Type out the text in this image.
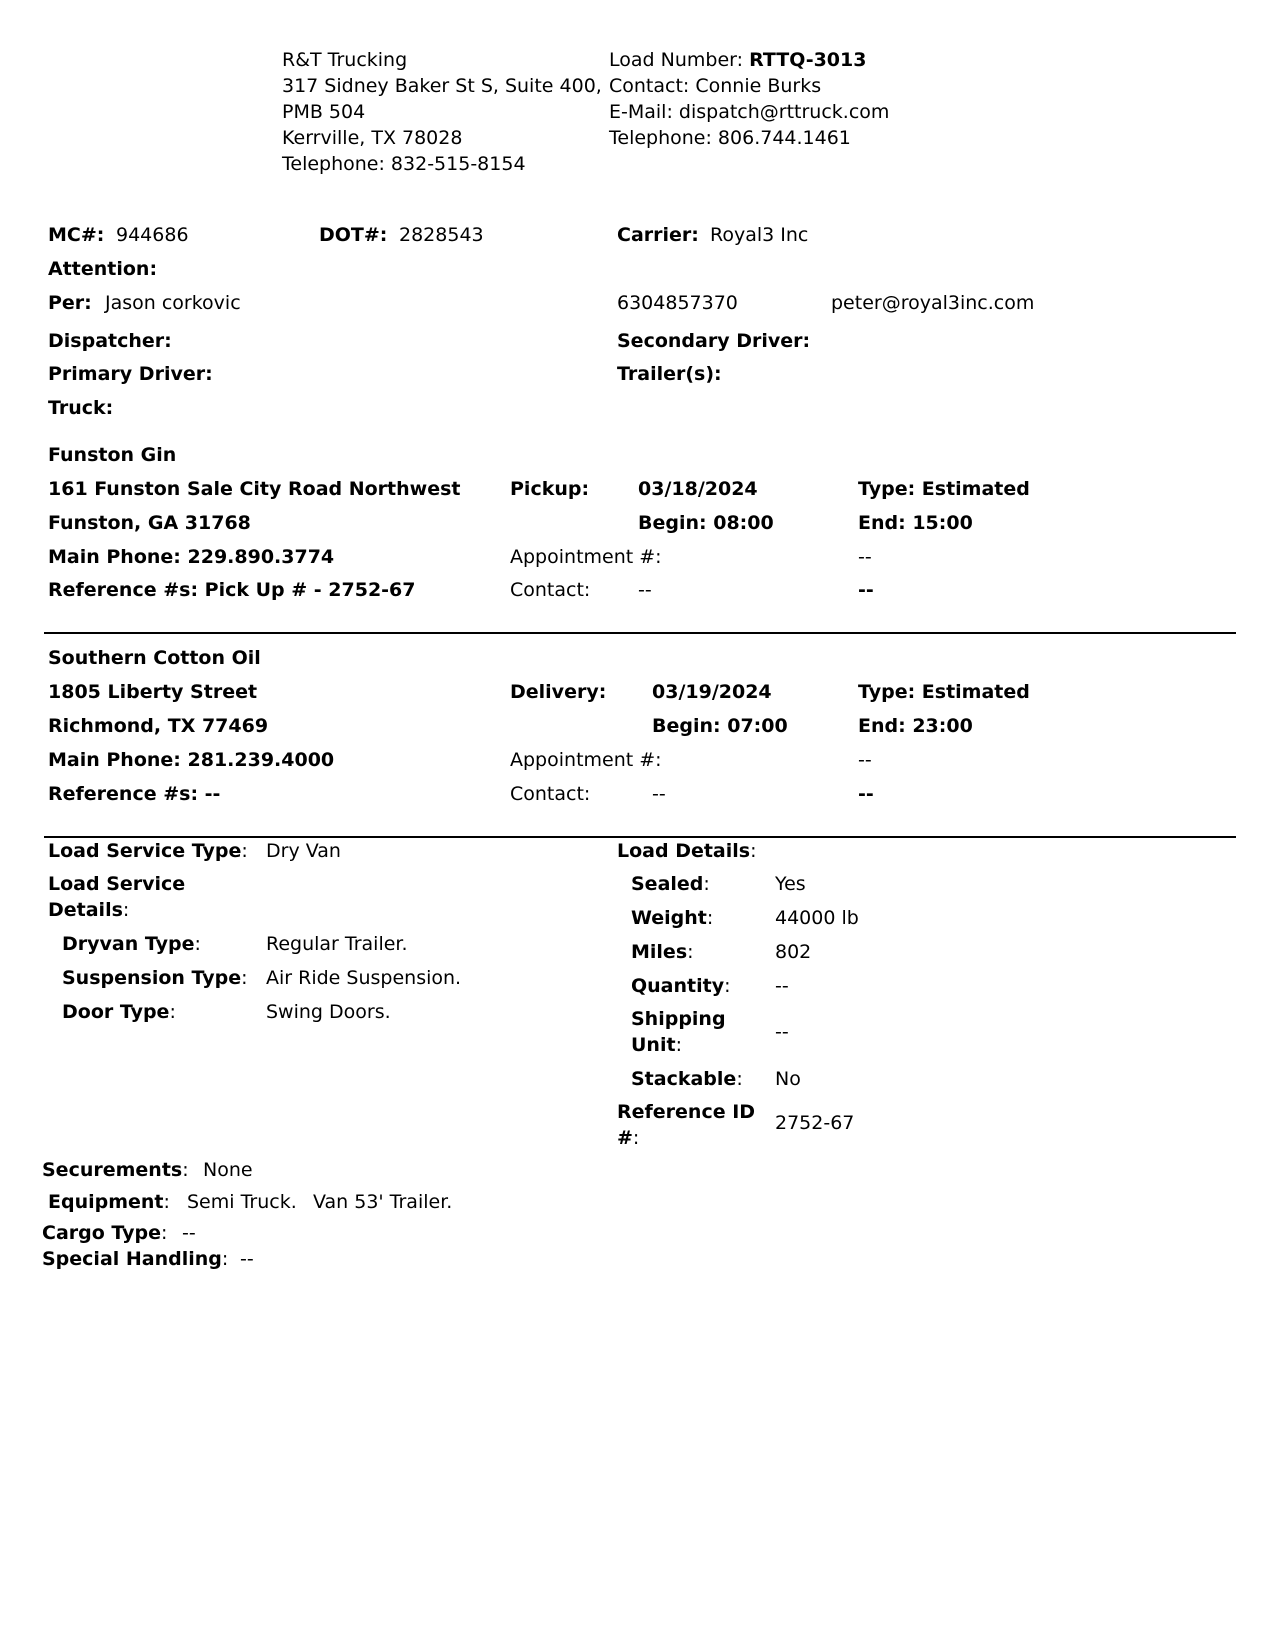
R&T Trucking
317 Sidney Baker St S, Suite 400,
PMB 504
Kerrville, TX 78028
Telephone: 832-515-8154
Load Number: RTTQ-3013
Contact: Connie Burks
E-Mail: dispatch@rttruck.com
Telephone: 806.744.1461
MC#: 944686	DOT#: 2828543	Carrier: Royal3 Inc
Attention:
Per: Jason corkovic	6304857370	peter@royal3inc.com
Dispatcher:	Secondary Driver:
Primary Driver:	Trailer(s):
Truck:
Funston Gin
161 Funston Sale City Road Northwest
Funston, GA 31768
Main Phone: 229.890.3774
Reference #s: Pick Up # - 2752-67
Pickup:	03/18/2024	Type: Estimated
Begin: 08:00	End: 15:00
Appointment #:	--
Contact:	--	--
Southern Cotton Oil
1805 Liberty Street
Richmond, TX 77469
Main Phone: 281.239.4000
Reference #s: --
Delivery: 03/19/2024	Type: Estimated
Begin: 07:00	End: 23:00
Appointment #:	--
Contact:	--	--
Load Service Type: Dry Van
Load Service
Details:
Dryvan Type:	Regular Trailer.
Suspension Type: Air Ride Suspension.
Door Type:	Swing Doors.
Load Details:
Sealed:	Yes
Weight:	44000 lb
Miles:	802
Quantity: --
Shipping
Unit:
--
Stackable: No
Reference ID
#:
2752-67
Securements: None
Equipment: Semi Truck. Van 53' Trailer.
Cargo Type: --
Special Handling: --
